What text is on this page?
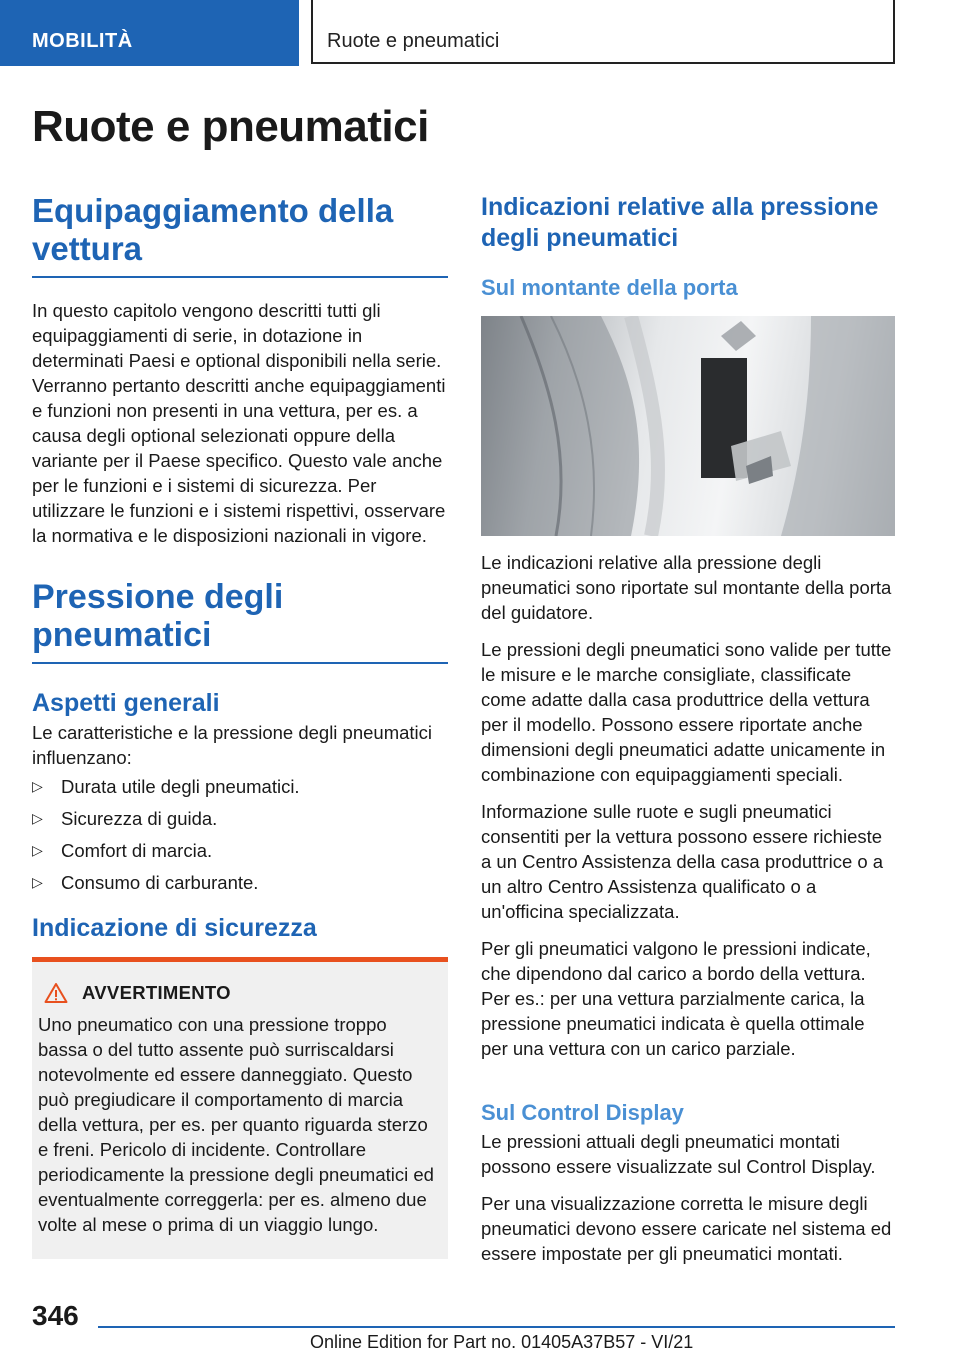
MOBILITÀ	Ruote e pneumatici
Ruote e pneumatici
Equipaggiamento della vettura

In questo capitolo vengono descritti tutti gli equipaggiamenti di serie, in dotazione in determinati Paesi e optional disponibili nella serie. Verranno pertanto descritti anche equipaggiamenti e funzioni non presenti in una vettura, per es. a causa degli optional selezionati oppure della variante per il Paese specifico. Questo vale anche per le funzioni e i sistemi di sicurezza. Per utilizzare le funzioni e i sistemi rispettivi, osservare la normativa e le disposizioni nazionali in vigore.

Pressione degli pneumatici
Aspetti generali

Le caratteristiche e la pressione degli pneumatici influenzano:

▷ Durata utile degli pneumatici.
▷ Sicurezza di guida.
▷ Comfort di marcia.
▷ Consumo di carburante.
Indicazione di sicurezza
AVVERTIMENTO

Uno pneumatico con una pressione troppo bassa o del tutto assente può surriscaldarsi notevolmente ed essere danneggiato. Questo può pregiudicare il comportamento di marcia della vettura, per es. per quanto riguarda sterzo e freni. Pericolo di incidente. Controllare periodicamente la pressione degli pneumatici ed eventualmente correggerla: per es. almeno due volte al mese o prima di un viaggio lungo.

Indicazioni relative alla pressione degli pneumatici
Sul montante della porta

Le indicazioni relative alla pressione degli pneumatici sono riportate sul montante della porta del guidatore.

Le pressioni degli pneumatici sono valide per tutte le misure e le marche consigliate, classificate come adatte dalla casa produttrice della vettura per il modello. Possono essere riportate anche dimensioni degli pneumatici adatte unicamente in combinazione con equipaggiamenti speciali.

Informazione sulle ruote e sugli pneumatici consentiti per la vettura possono essere richieste a un Centro Assistenza della casa produttrice o a un altro Centro Assistenza qualificato o a un'officina specializzata.

Per gli pneumatici valgono le pressioni indicate, che dipendono dal carico a bordo della vettura. Per es.: per una vettura parzialmente carica, la pressione pneumatici indicata è quella ottimale per una vettura con un carico parziale.

Sul Control Display

Le pressioni attuali degli pneumatici montati possono essere visualizzate sul Control Display.

Per una visualizzazione corretta le misure degli pneumatici devono essere caricate nel sistema ed essere impostate per gli pneumatici montati.

346
Online Edition for Part no. 01405A37B57 - VI/21
